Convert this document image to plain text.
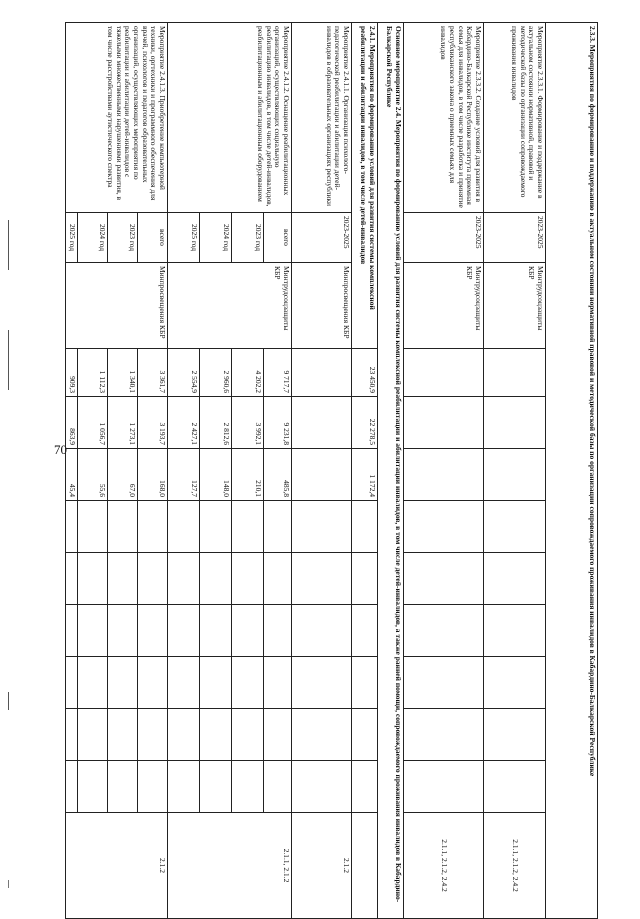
70	2.3.3. Мероприятия по формированию и поддержанию в актуальном состоянии нормативной правовой и методической базы по организации сопровождаемого проживания инвалидов в Кабардино-Балкарской Республике												
Мероприятие 2.3.3.1. Формирование и поддержание в актуальном состоянии нормативной, правовой и методической базы по организации сопровождаемого проживания инвалидов	2023-2025	Минтрудсоцзащиты КБР										2.1.1, 2.1.2, 2.4.2
Мероприятие 2.3.3.2. Создание условий для развития в Кабардино-Балкарской Республике института приемная семья для инвалидов, в том числе разработка и принятие республиканского закона о приемных семьях для инвалидов	2023-2025	Минтрудсоцзащиты КБР										2.1.1, 2.1.2, 2.4.2
Основное мероприятие 2.4. Мероприятия по формированию условий для развития системы комплексной реабилитации и абилитации инвалидов, в том числе детей-инвалидов, а также ранней помощи, сопровождаемого проживания инвалидов в Кабардино-Балкарской Республике												
2.4.1. Мероприятия по формированию условий для развития системы комплексной реабилитации и абилитации инвалидов, в том числе детей-инвалидов			23 450,9	22 278,5	1 172,4							
Мероприятие 2.4.1.1. Организация психолого-педагогической реабилитации и абилитации детей-инвалидов в образовательных организациях республики	2023-2025	Минпросвещения КБР										2.1.2
Мероприятие 2.4.1.2. Оснащение реабилитационных организаций, осуществляющих социальную реабилитацию инвалидов, в том числе детей-инвалидов, реабилитационным и абилитационным оборудованием	всего	Минтрудсоцзащиты КБР	9 717,7	9 231,8	485,8							2.1.1, 2.1.2
	2023 год		4 202,2	3 992,1	210,1							
	2024 год		2 960,6	2 812,6	148,0							
	2025 год		2 554,9	2 427,1	127,7							
Мероприятие 2.4.1.3. Приобретение компьютерной техники, оргтехники и программного обеспечения для врачей, психологов и педагогов образовательных организаций, осуществляющих мероприятия по реабилитации и абилитации детей-инвалидов с тяжелыми множественными нарушениями развития, в том числе расстройствами аутистического спектра	всего	Минпросвещения КБР	3 361,7	3 193,7	168,0							2.1.2
	2023 год		1 340,1	1 273,1	67,0							
	2024 год		1 112,3	1 056,7	55,6							
	2025 год		909,3	863,9	45,4							
